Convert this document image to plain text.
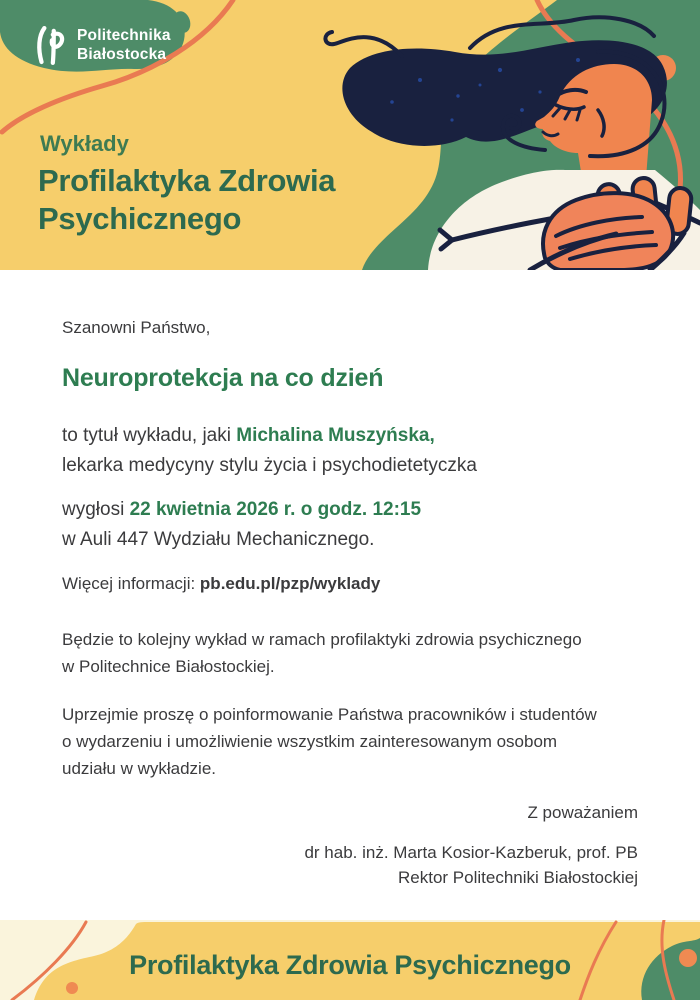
Politechnika
Białostocka
Wykłady
Profilaktyka Zdrowia
Psychicznego
Szanowni Państwo,
Neuroprotekcja na co dzień
to tytuł wykładu, jaki Michalina Muszyńska,
lekarka medycyny stylu życia i psychodietetyczka
wygłosi 22 kwietnia 2026 r. o godz. 12:15
w Auli 447 Wydziału Mechanicznego.
Więcej informacji: pb.edu.pl/pzp/wyklady
Będzie to kolejny wykład w ramach profilaktyki zdrowia psychicznego
w Politechnice Białostockiej.
Uprzejmie proszę o poinformowanie Państwa pracowników i studentów
o wydarzeniu i umożliwienie wszystkim zainteresowanym osobom
udziału w wykładzie.
Z poważaniem
dr hab. inż. Marta Kosior-Kazberuk, prof. PB
Rektor Politechniki Białostockiej
Profilaktyka Zdrowia Psychicznego
